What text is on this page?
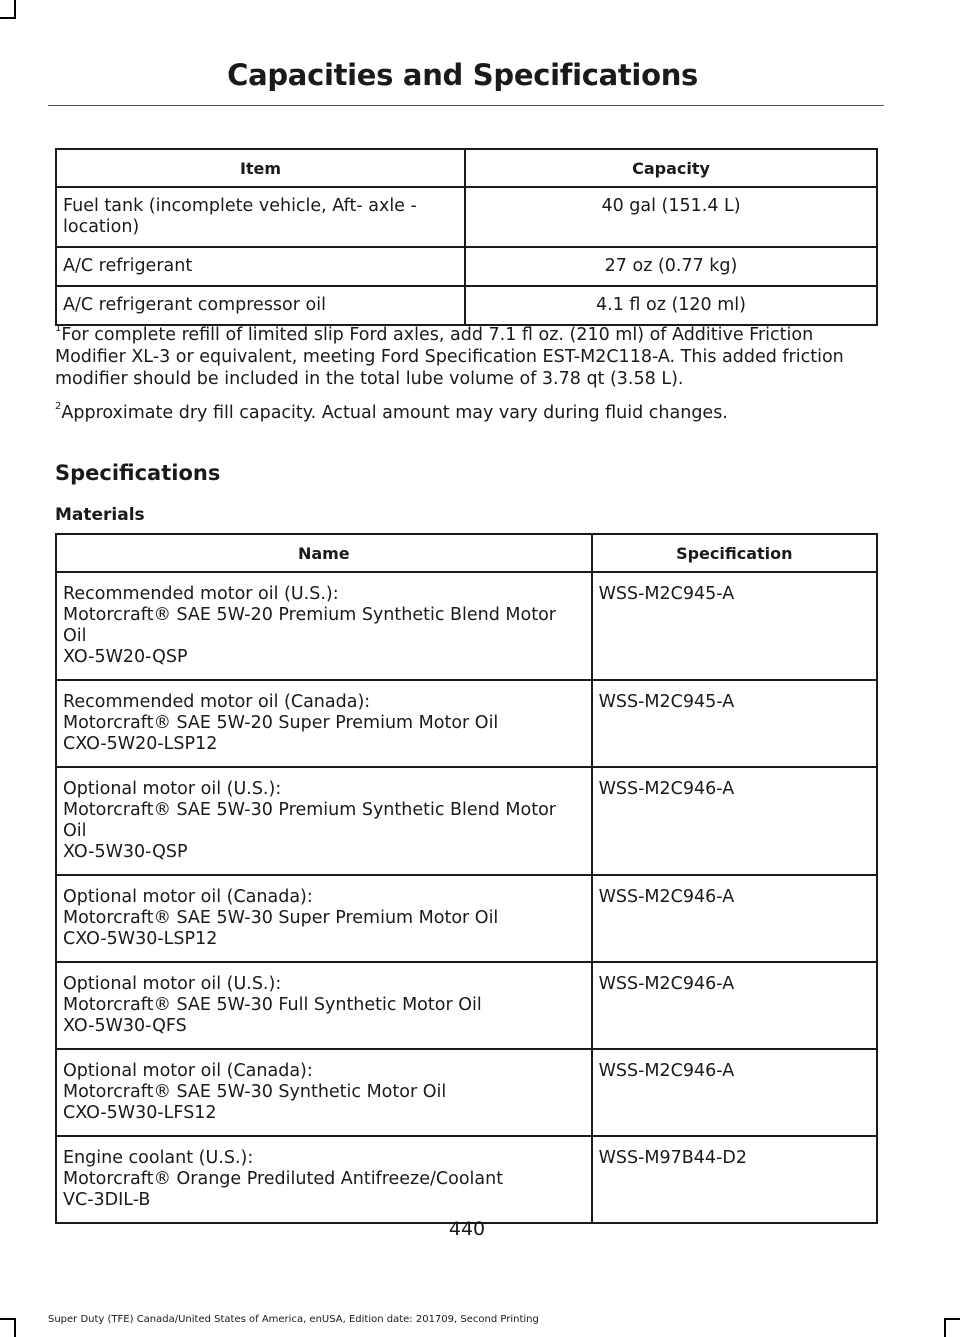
Capacities and Specifications
Item	Capacity
Fuel tank (incomplete vehicle, Aft- axle - location)	40 gal (151.4 L)
A/C refrigerant	27 oz (0.77 kg)
A/C refrigerant compressor oil	4.1 fl oz (120 ml)

$^1$For complete refill of limited slip Ford axles, add 7.1 fl oz. (210 ml) of Additive Friction Modifier XL-3 or equivalent, meeting Ford Specification EST-M2C118-A. This added friction modifier should be included in the total lube volume of 3.78 qt (3.58 L).

$^2$Approximate dry fill capacity. Actual amount may vary during fluid changes.

Specifications
Materials
Name	Specification

Recommended motor oil (U.S.):
Motorcraft® SAE 5W-20 Premium Synthetic Blend Motor Oil
XO-5W20-QSP	WSS-M2C945-A

Recommended motor oil (Canada):
Motorcraft® SAE 5W-20 Super Premium Motor Oil
CXO-5W20-LSP12	WSS-M2C945-A

Optional motor oil (U.S.):
Motorcraft® SAE 5W-30 Premium Synthetic Blend Motor Oil
XO-5W30-QSP	WSS-M2C946-A

Optional motor oil (Canada):
Motorcraft® SAE 5W-30 Super Premium Motor Oil
CXO-5W30-LSP12	WSS-M2C946-A

Optional motor oil (U.S.):
Motorcraft® SAE 5W-30 Full Synthetic Motor Oil
XO-5W30-QFS	WSS-M2C946-A

Optional motor oil (Canada):
Motorcraft® SAE 5W-30 Synthetic Motor Oil
CXO-5W30-LFS12	WSS-M2C946-A

Engine coolant (U.S.):
Motorcraft® Orange Prediluted Antifreeze/Coolant
VC-3DIL-B	WSS-M97B44-D2
440
Super Duty (TFE) Canada/United States of America, enUSA, Edition date: 201709, Second Printing
